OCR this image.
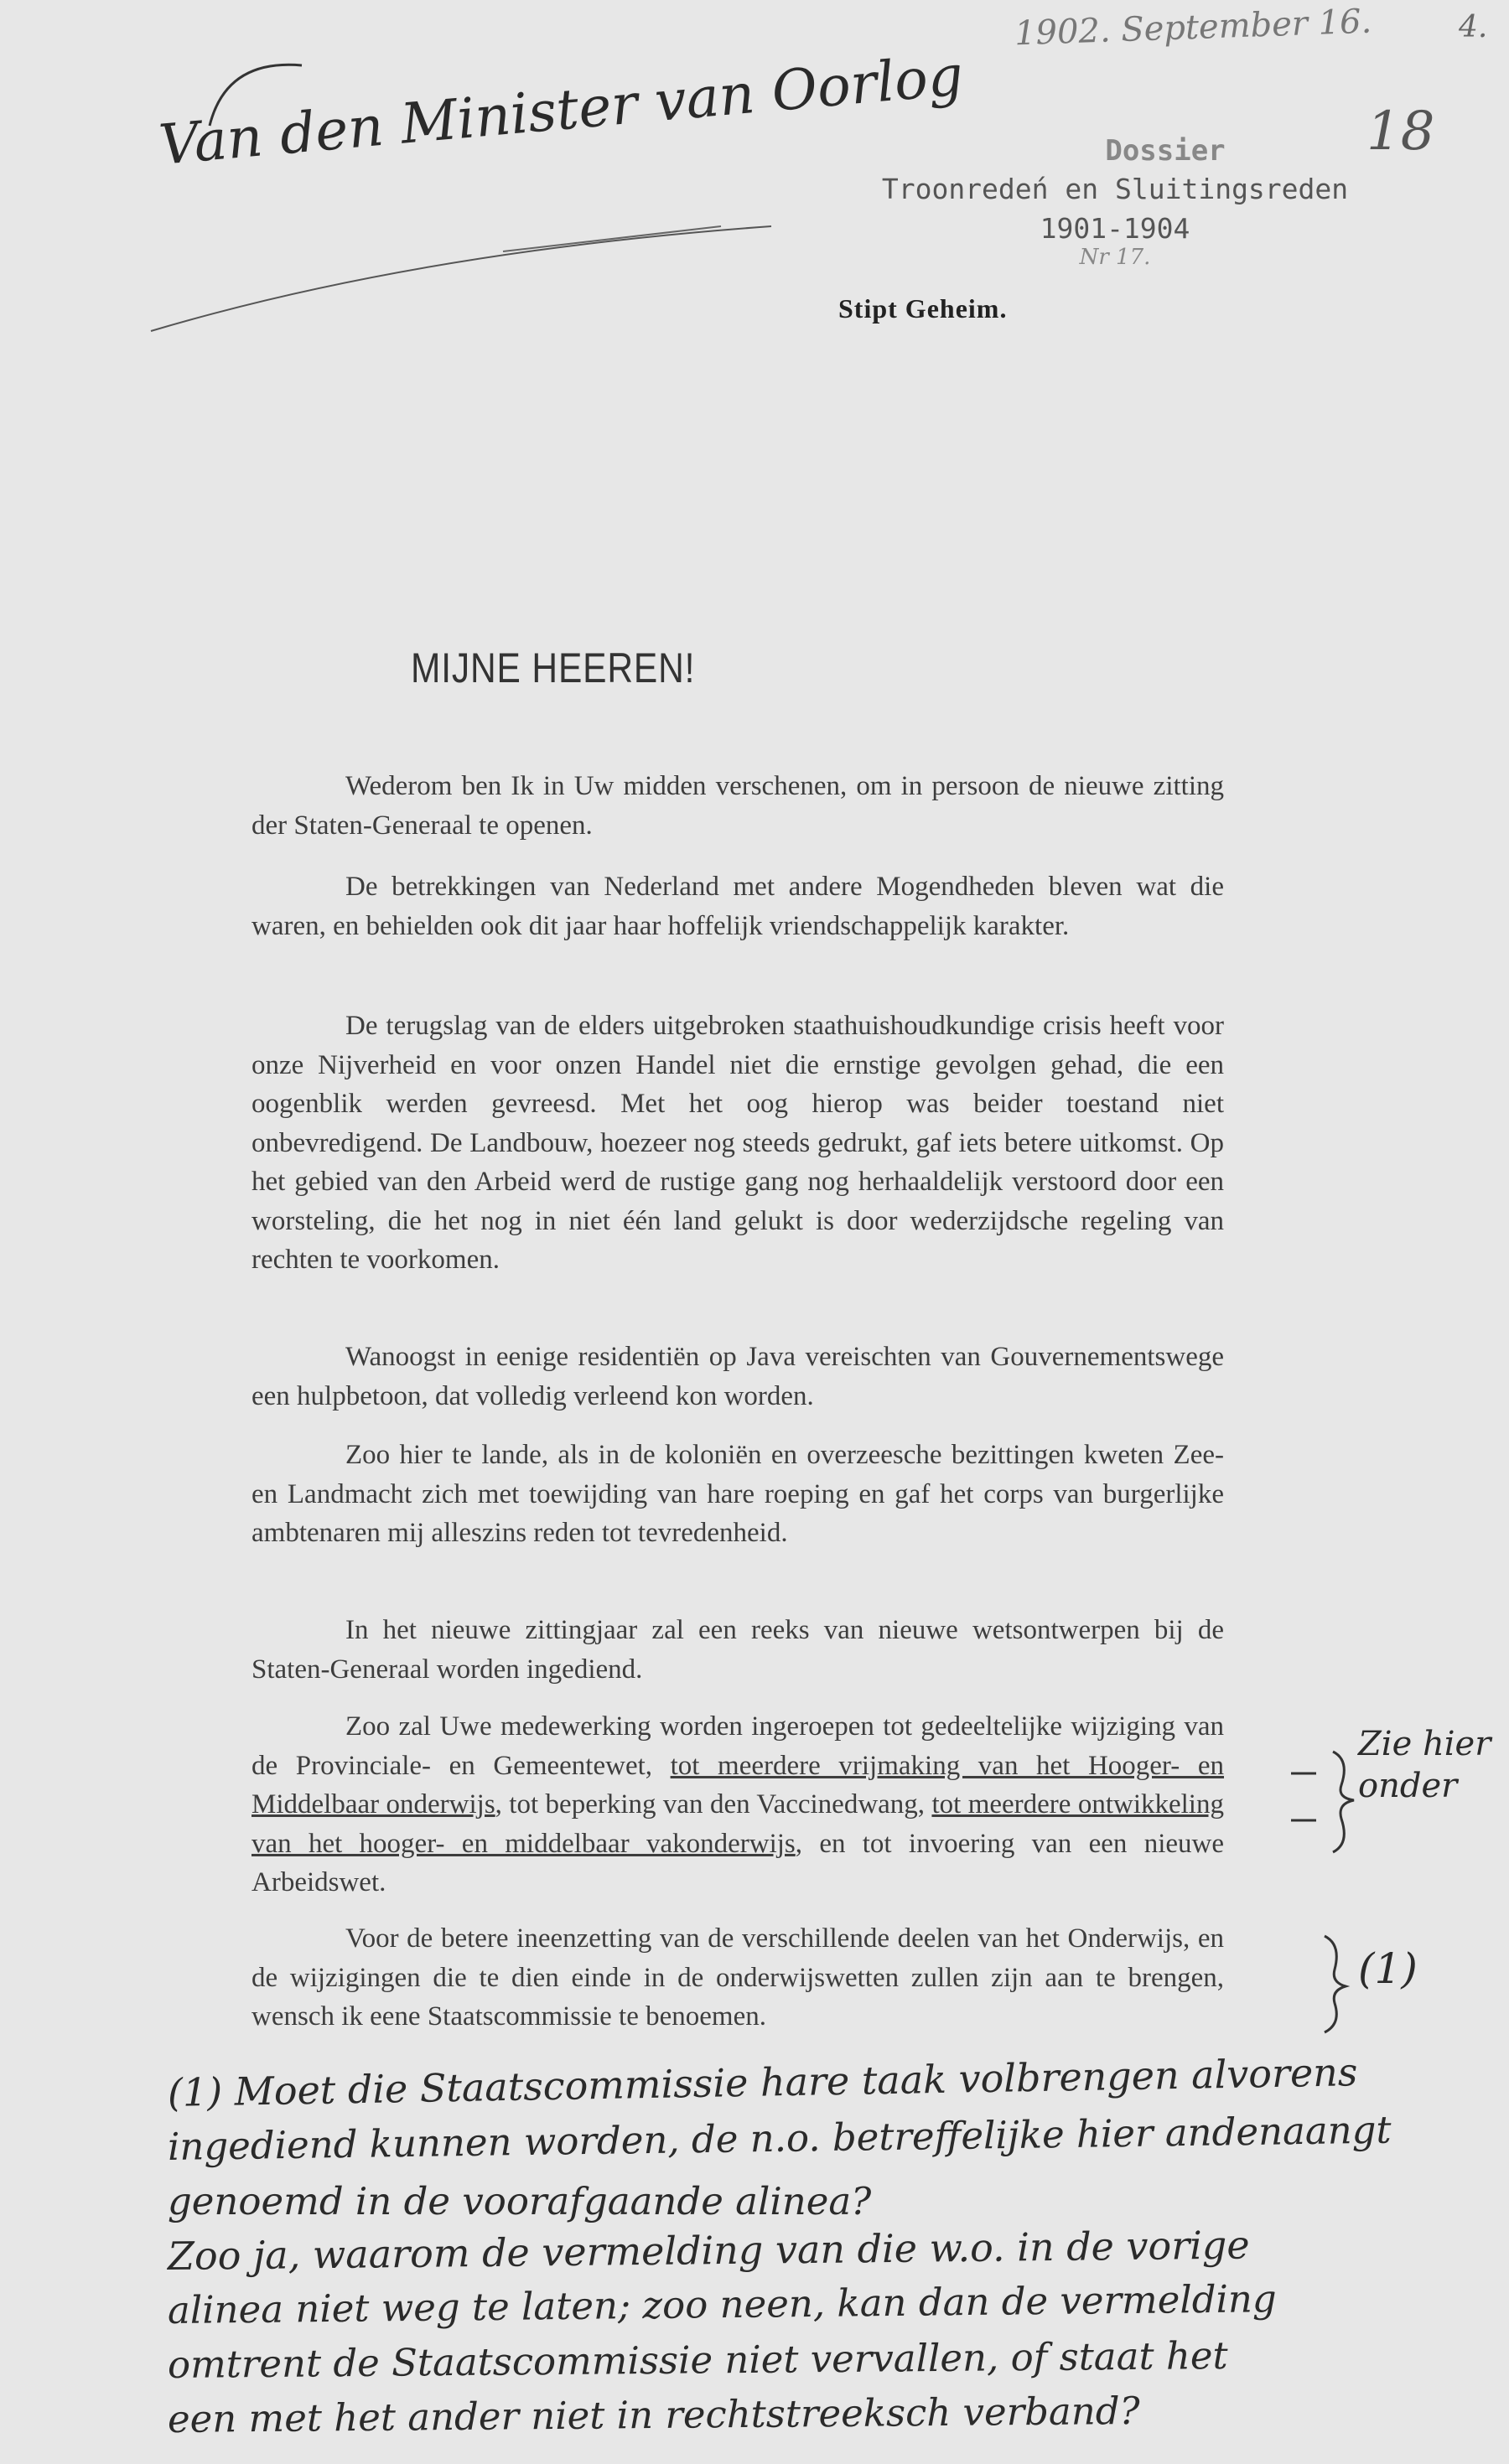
1902. September 16.	4.
18
Van den Minister van Oorlog	Dossier
Troonredeń en Sluitingsreden
1901-1904
Nr 17.
Stipt Geheim.
MIJNE HEEREN!
Wederom ben Ik in Uw midden verschenen, om in persoon de nieuwe zitting der Staten-Generaal te openen.
De betrekkingen van Nederland met andere Mogendheden bleven wat die waren, en behielden ook dit jaar haar hoffelijk vriendschappelijk karakter.
De terugslag van de elders uitgebroken staathuishoudkundige crisis heeft voor onze Nijverheid en voor onzen Handel niet die ernstige gevolgen gehad, die een oogenblik werden gevreesd. Met het oog hierop was beider toestand niet onbevredigend. De Landbouw, hoezeer nog steeds gedrukt, gaf iets betere uitkomst. Op het gebied van den Arbeid werd de rustige gang nog herhaaldelijk verstoord door een worsteling, die het nog in niet één land gelukt is door wederzijdsche regeling van rechten te voorkomen.
Wanoogst in eenige residentiën op Java vereischten van Gouvernementswege een hulpbetoon, dat volledig verleend kon worden.
Zoo hier te lande, als in de koloniën en overzeesche bezittingen kweten Zee- en Landmacht zich met toewijding van hare roeping en gaf het corps van burgerlijke ambtenaren mij alleszins reden tot tevredenheid.
In het nieuwe zittingjaar zal een reeks van nieuwe wetsontwerpen bij de Staten-Generaal worden ingediend.
Zoo zal Uwe medewerking worden ingeroepen tot gedeeltelijke wijziging van de Provinciale- en Gemeentewet, tot meerdere vrijmaking van het Hooger- en Middelbaar onderwijs, tot beperking van den Vaccinedwang, tot meerdere ontwikkeling van het hooger- en middelbaar vakonderwijs, en tot invoering van een nieuwe Arbeidswet.
Voor de betere ineenzetting van de verschillende deelen van het Onderwijs, en de wijzigingen die te dien einde in de onderwijswetten zullen zijn aan te brengen, wensch ik eene Staatscommissie te benoemen.
Zie hier
onder
(1)
(1) Moet die Staatscommissie hare taak volbrengen alvorens
ingediend kunnen worden, de n.o. betreffelijke hier andenaangt
genoemd in de voorafgaande alinea?
Zoo ja, waarom de vermelding van die w.o. in de vorige
alinea niet weg te laten; zoo neen, kan dan de vermelding
omtrent de Staatscommissie niet vervallen, of staat het
een met het ander niet in rechtstreeksch verband?
